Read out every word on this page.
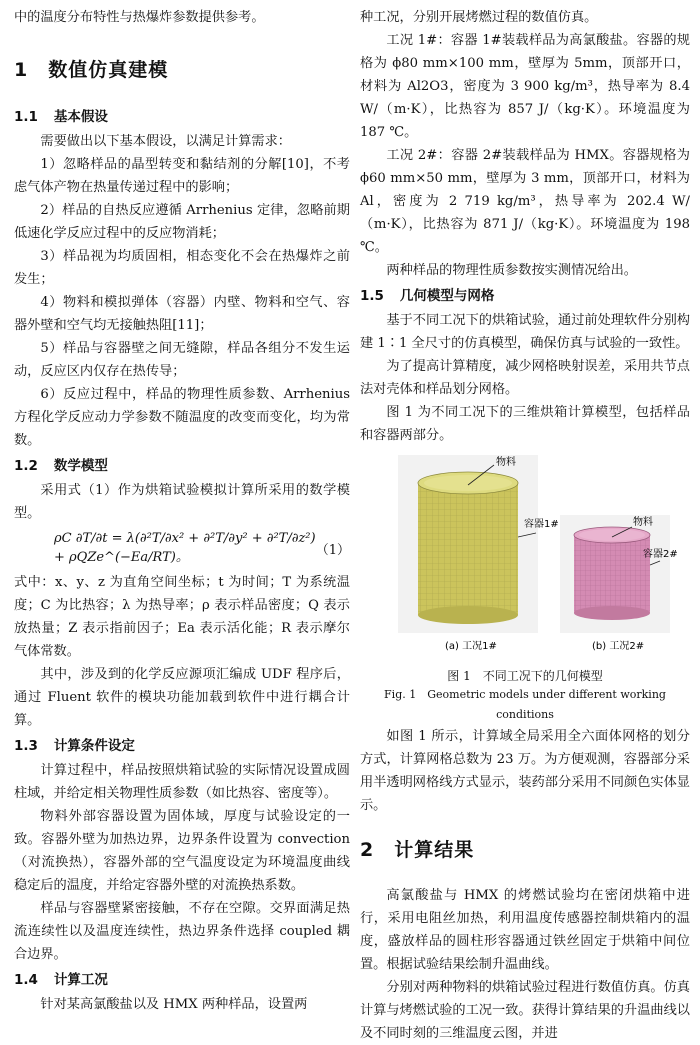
中的温度分布特性与热爆炸参数提供参考。

1 数值仿真建模
1.1 基本假设

需要做出以下基本假设，以满足计算需求：

1）忽略样品的晶型转变和黏结剂的分解[10]，不考虑气体产物在热量传递过程中的影响；

2）样品的自热反应遵循 Arrhenius 定律，忽略前期低速化学反应过程中的反应物消耗；

3）样品视为均质固相，相态变化不会在热爆炸之前发生；

4）物料和模拟弹体（容器）内壁、物料和空气、容器外壁和空气均无接触热阻[11]；

5）样品与容器壁之间无缝隙，样品各组分不发生运动，反应区内仅存在热传导；

6）反应过程中，样品的物理性质参数、Arrhenius 方程化学反应动力学参数不随温度的改变而变化，均为常数。

1.2 数学模型

采用式（1）作为烘箱试验模拟计算所采用的数学模型。

ρC ∂T/∂t = λ(∂²T/∂x² + ∂²T/∂y² + ∂²T/∂z²) + ρQZe^(−Ea/RT)。	（1）

式中：x、y、z 为直角空间坐标；t 为时间；T 为系统温度；C 为比热容；λ 为热导率；ρ 表示样品密度；Q 表示放热量；Z 表示指前因子；Ea 表示活化能；R 表示摩尔气体常数。

其中，涉及到的化学反应源项汇编成 UDF 程序后，通过 Fluent 软件的模块功能加载到软件中进行耦合计算。

1.3 计算条件设定

计算过程中，样品按照烘箱试验的实际情况设置成圆柱域，并给定相关物理性质参数（如比热容、密度等）。

物料外部容器设置为固体域，厚度与试验设定的一致。容器外壁为加热边界，边界条件设置为 convection（对流换热），容器外部的空气温度设定为环境温度曲线稳定后的温度，并给定容器外壁的对流换热系数。

样品与容器壁紧密接触，不存在空隙。交界面满足热流连续性以及温度连续性，热边界条件选择 coupled 耦合边界。

1.4 计算工况

针对某高氯酸盐以及 HMX 两种样品，设置两

种工况，分别开展烤燃过程的数值仿真。

工况 1#：容器 1#装载样品为高氯酸盐。容器的规格为 ϕ80 mm×100 mm，壁厚为 5mm，顶部开口，材料为 Al2O3，密度为 3 900 kg/m³，热导率为 8.4 W/（m·K），比热容为 857 J/（kg·K）。环境温度为 187 ℃。

工况 2#：容器 2#装载样品为 HMX。容器规格为 ϕ60 mm×50 mm，壁厚为 3 mm，顶部开口，材料为 Al，密度为 2 719 kg/m³，热导率为 202.4 W/（m·K），比热容为 871 J/（kg·K）。环境温度为 198 ℃。

两种样品的物理性质参数按实测情况给出。

1.5 几何模型与网格

基于不同工况下的烘箱试验，通过前处理软件分别构建 1∶1 全尺寸的仿真模型，确保仿真与试验的一致性。

为了提高计算精度，减少网格映射误差，采用共节点法对壳体和样品划分网格。

图 1 为不同工况下的三维烘箱计算模型，包括样品和容器两部分。

物料
容器1#
(a) 工况1#
物料
容器2#
(b) 工况2#
图 1　不同工况下的几何模型
Fig. 1　Geometric models under different working conditions

如图 1 所示，计算域全局采用全六面体网格的划分方式，计算网格总数为 23 万。为方便观测，容器部分采用半透明网格线方式显示，装药部分采用不同颜色实体显示。

2 计算结果

高氯酸盐与 HMX 的烤燃试验均在密闭烘箱中进行，采用电阻丝加热，利用温度传感器控制烘箱内的温度，盛放样品的圆柱形容器通过铁丝固定于烘箱中间位置。根据试验结果绘制升温曲线。

分别对两种物料的烘箱试验过程进行数值仿真。仿真计算与烤燃试验的工况一致。获得计算结果的升温曲线以及不同时刻的三维温度云图，并进
